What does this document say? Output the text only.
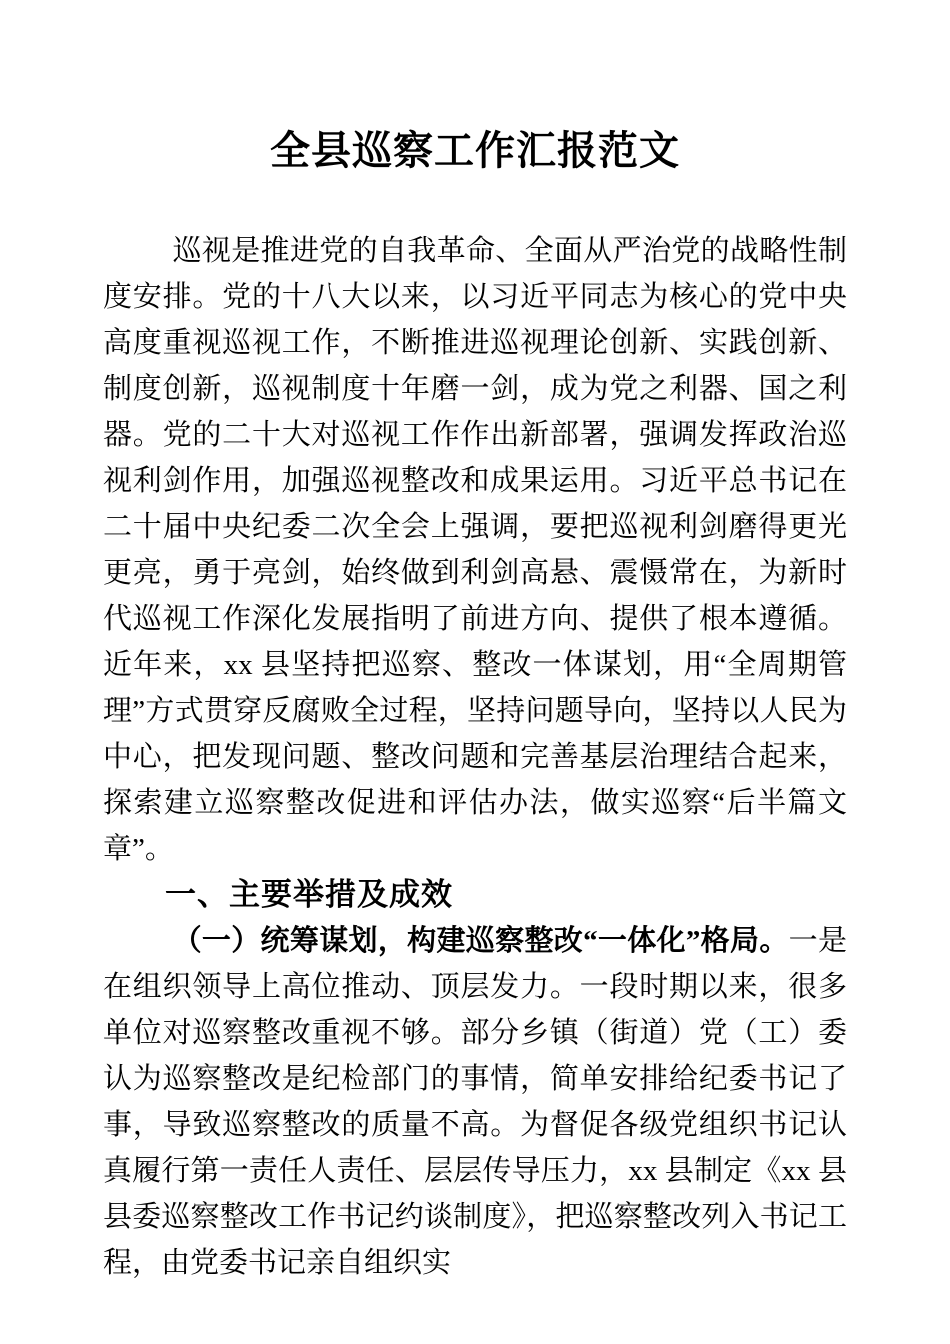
全县巡察工作汇报范文

巡视是推进党的自我革命、全面从严治党的战略性制度安排。党的十八大以来，以习近平同志为核心的党中央高度重视巡视工作，不断推进巡视理论创新、实践创新、制度创新，巡视制度十年磨一剑，成为党之利器、国之利器。党的二十大对巡视工作作出新部署，强调发挥政治巡视利剑作用，加强巡视整改和成果运用。习近平总书记在二十届中央纪委二次全会上强调，要把巡视利剑磨得更光更亮，勇于亮剑，始终做到利剑高悬、震慑常在，为新时代巡视工作深化发展指明了前进方向、提供了根本遵循。近年来，xx 县坚持把巡察、整改一体谋划，用“全周期管理”方式贯穿反腐败全过程，坚持问题导向，坚持以人民为中心，把发现问题、整改问题和完善基层治理结合起来，探索建立巡察整改促进和评估办法，做实巡察“后半篇文章”。

一、主要举措及成效

（一）统筹谋划，构建巡察整改“一体化”格局。一是在组织领导上高位推动、顶层发力。一段时期以来，很多单位对巡察整改重视不够。部分乡镇（街道）党（工）委认为巡察整改是纪检部门的事情，简单安排给纪委书记了事，导致巡察整改的质量不高。为督促各级党组织书记认真履行第一责任人责任、层层传导压力，xx 县制定《xx 县县委巡察整改工作书记约谈制度》，把巡察整改列入书记工程，由党委书记亲自组织实
